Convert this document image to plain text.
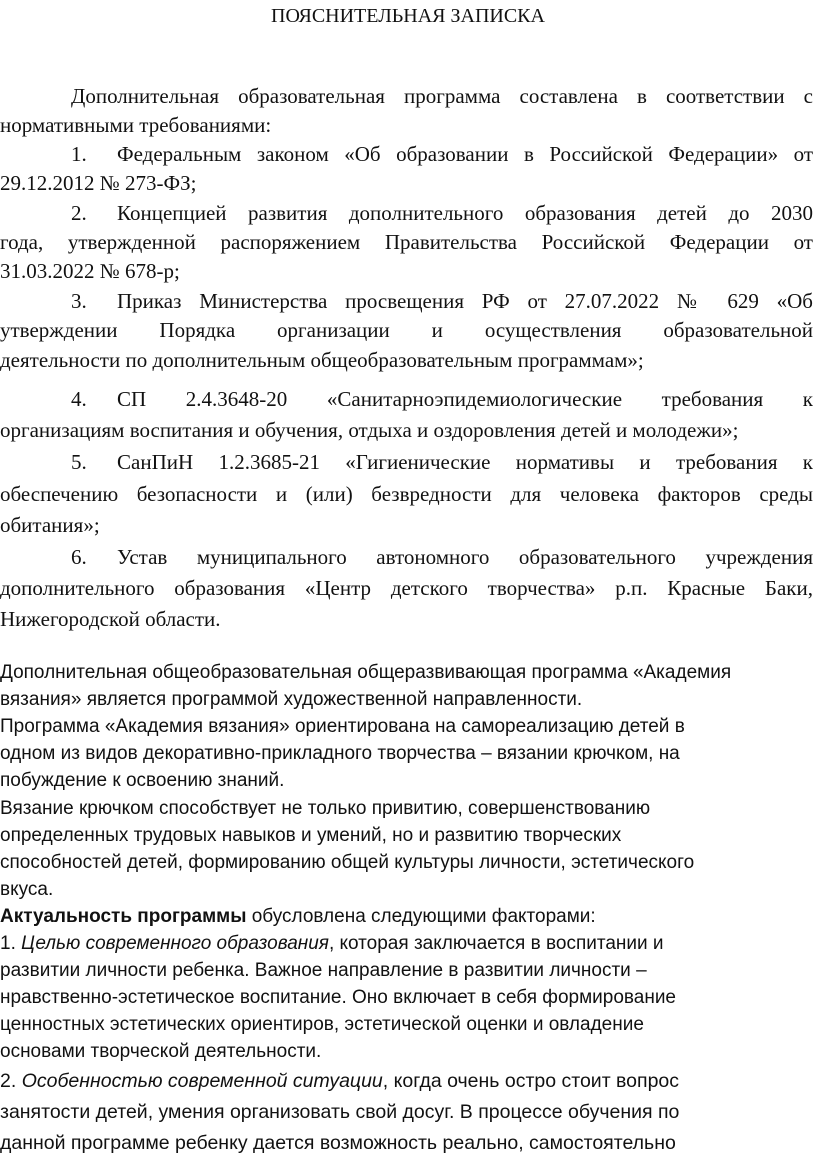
ПОЯСНИТЕЛЬНАЯ ЗАПИСКА
Дополнительная образовательная программа составлена в соответствии с
нормативными требованиями:
1. Федеральным законом «Об образовании в Российской Федерации» от
29.12.2012 № 273-ФЗ;
2. Концепцией развития дополнительного образования детей до 2030
года, утвержденной распоряжением Правительства Российской Федерации от
31.03.2022 № 678-р;
3. Приказ Министерства просвещения РФ от 27.07.2022 № 629 «Об
утверждении Порядка организации и осуществления образовательной
деятельности по дополнительным общеобразовательным программам»;
4. СП 2.4.3648-20 «Санитарноэпидемиологические требования к
организациям воспитания и обучения, отдыха и оздоровления детей и молодежи»;
5. СанПиН 1.2.3685-21 «Гигиенические нормативы и требования к
обеспечению безопасности и (или) безвредности для человека факторов среды
обитания»;
6. Устав муниципального автономного образовательного учреждения
дополнительного образования «Центр детского творчества» р.п. Красные Баки,
Нижегородской области.
Дополнительная общеобразовательная общеразвивающая программа «Академия
вязания» является программой художественной направленности.
Программа «Академия вязания» ориентирована на самореализацию детей в
одном из видов декоративно-прикладного творчества – вязании крючком, на
побуждение к освоению знаний.
Вязание крючком способствует не только привитию, совершенствованию
определенных трудовых навыков и умений, но и развитию творческих
способностей детей, формированию общей культуры личности, эстетического
вкуса.
Актуальность программы обусловлена следующими факторами:
1. Целью современного образования, которая заключается в воспитании и
развитии личности ребенка. Важное направление в развитии личности –
нравственно-эстетическое воспитание. Оно включает в себя формирование
ценностных эстетических ориентиров, эстетической оценки и овладение
основами творческой деятельности.
2. Особенностью современной ситуации, когда очень остро стоит вопрос
занятости детей, умения организовать свой досуг. В процессе обучения по
данной программе ребенку дается возможность реально, самостоятельно
